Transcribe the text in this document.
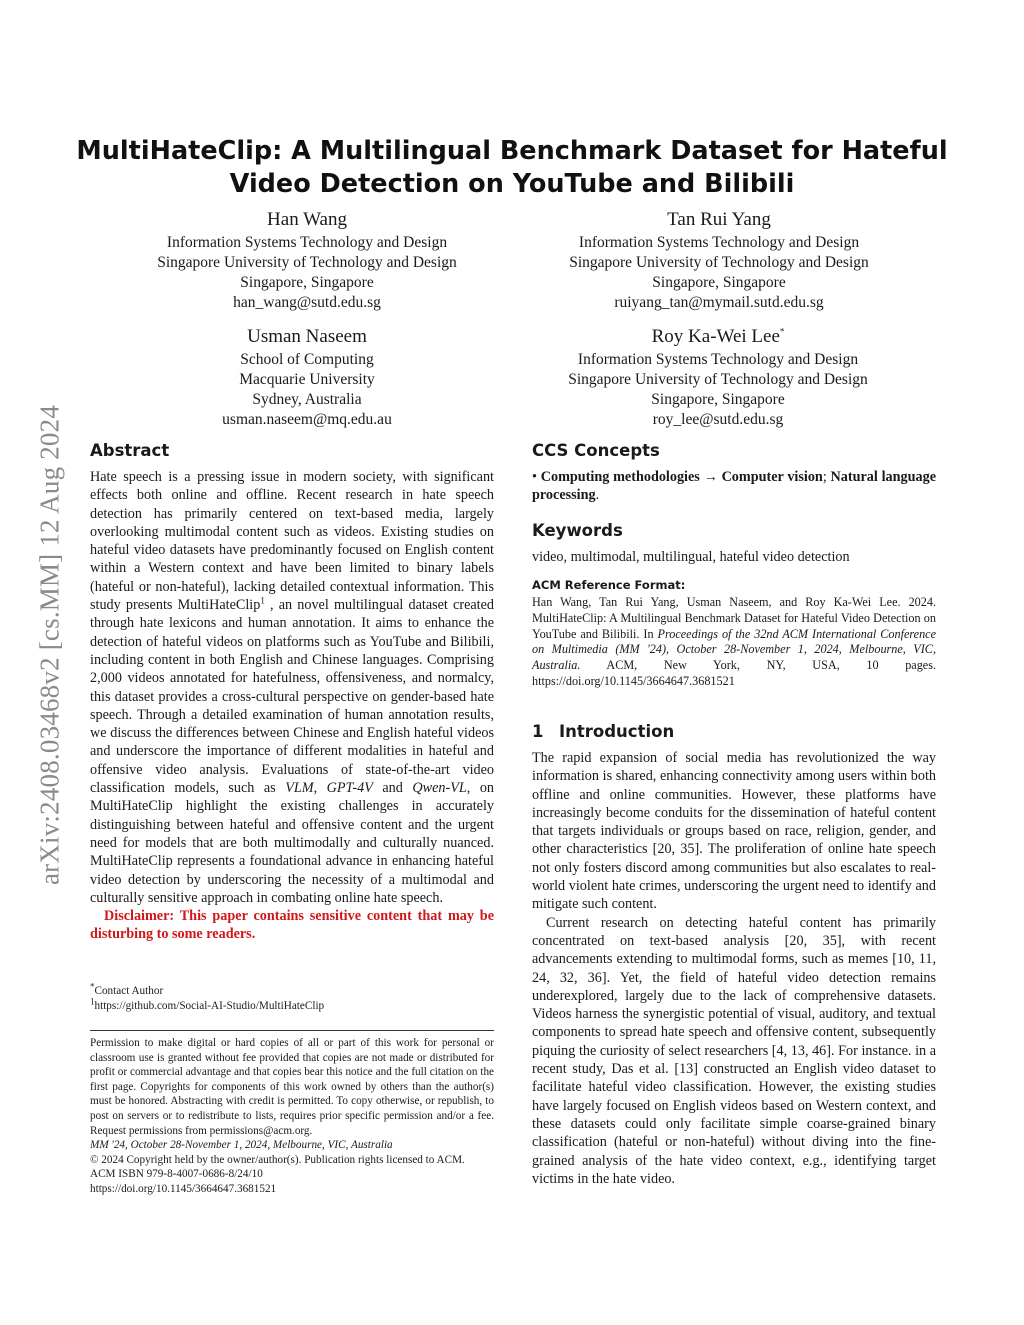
arXiv:2408.03468v2 [cs.MM] 12 Aug 2024
MultiHateClip: A Multilingual Benchmark Dataset for Hateful
Video Detection on YouTube and Bilibili
Han Wang
Information Systems Technology and Design
Singapore University of Technology and Design
Singapore, Singapore
han_wang@sutd.edu.sg
Tan Rui Yang
Information Systems Technology and Design
Singapore University of Technology and Design
Singapore, Singapore
ruiyang_tan@mymail.sutd.edu.sg
Usman Naseem
School of Computing
Macquarie University
Sydney, Australia
usman.naseem@mq.edu.au
Roy Ka-Wei Lee*
Information Systems Technology and Design
Singapore University of Technology and Design
Singapore, Singapore
roy_lee@sutd.edu.sg
Abstract
Hate speech is a pressing issue in modern society, with significant effects both online and offline. Recent research in hate speech detection has primarily centered on text-based media, largely overlooking multimodal content such as videos. Existing studies on hateful video datasets have predominantly focused on English content within a Western context and have been limited to binary labels (hateful or non-hateful), lacking detailed contextual information. This study presents MultiHateClip$^1$ , an novel multilingual dataset created through hate lexicons and human annotation. It aims to enhance the detection of hateful videos on platforms such as YouTube and Bilibili, including content in both English and Chinese languages. Comprising 2,000 videos annotated for hatefulness, offensiveness, and normalcy, this dataset provides a cross-cultural perspective on gender-based hate speech. Through a detailed examination of human annotation results, we discuss the differences between Chinese and English hateful videos and underscore the importance of different modalities in hateful and offensive video analysis. Evaluations of state-of-the-art video classification models, such as VLM, GPT-4V and Qwen-VL, on MultiHateClip highlight the existing challenges in accurately distinguishing between hateful and offensive content and the urgent need for models that are both multimodally and culturally nuanced. MultiHateClip represents a foundational advance in enhancing hateful video detection by underscoring the necessity of a multimodal and culturally sensitive approach in combating online hate speech.
Disclaimer: This paper contains sensitive content that may be disturbing to some readers.
*Contact Author
$^1$https://github.com/Social-AI-Studio/MultiHateClip
Permission to make digital or hard copies of all or part of this work for personal or classroom use is granted without fee provided that copies are not made or distributed for profit or commercial advantage and that copies bear this notice and the full citation on the first page. Copyrights for components of this work owned by others than the author(s) must be honored. Abstracting with credit is permitted. To copy otherwise, or republish, to post on servers or to redistribute to lists, requires prior specific permission and/or a fee. Request permissions from permissions@acm.org.
MM '24, October 28-November 1, 2024, Melbourne, VIC, Australia
© 2024 Copyright held by the owner/author(s). Publication rights licensed to ACM.
ACM ISBN 979-8-4007-0686-8/24/10
https://doi.org/10.1145/3664647.3681521
CCS Concepts
• Computing methodologies → Computer vision; Natural language processing.
Keywords
video, multimodal, multilingual, hateful video detection
ACM Reference Format:
Han Wang, Tan Rui Yang, Usman Naseem, and Roy Ka-Wei Lee. 2024. MultiHateClip: A Multilingual Benchmark Dataset for Hateful Video Detection on YouTube and Bilibili. In Proceedings of the 32nd ACM International Conference on Multimedia (MM '24), October 28-November 1, 2024, Melbourne, VIC, Australia. ACM, New York, NY, USA, 10 pages. https://doi.org/10.1145/3664647.3681521
1 Introduction
The rapid expansion of social media has revolutionized the way information is shared, enhancing connectivity among users within both offline and online communities. However, these platforms have increasingly become conduits for the dissemination of hateful content that targets individuals or groups based on race, religion, gender, and other characteristics [20, 35]. The proliferation of online hate speech not only fosters discord among communities but also escalates to real-world violent hate crimes, underscoring the urgent need to identify and mitigate such content.
Current research on detecting hateful content has primarily concentrated on text-based analysis [20, 35], with recent advancements extending to multimodal forms, such as memes [10, 11, 24, 32, 36]. Yet, the field of hateful video detection remains underexplored, largely due to the lack of comprehensive datasets. Videos harness the synergistic potential of visual, auditory, and textual components to spread hate speech and offensive content, subsequently piquing the curiosity of select researchers [4, 13, 46]. For instance. in a recent study, Das et al. [13] constructed an English video dataset to facilitate hateful video classification. However, the existing studies have largely focused on English videos based on Western context, and these datasets could only facilitate simple coarse-grained binary classification (hateful or non-hateful) without diving into the fine-grained analysis of the hate video context, e.g., identifying target victims in the hate video.
